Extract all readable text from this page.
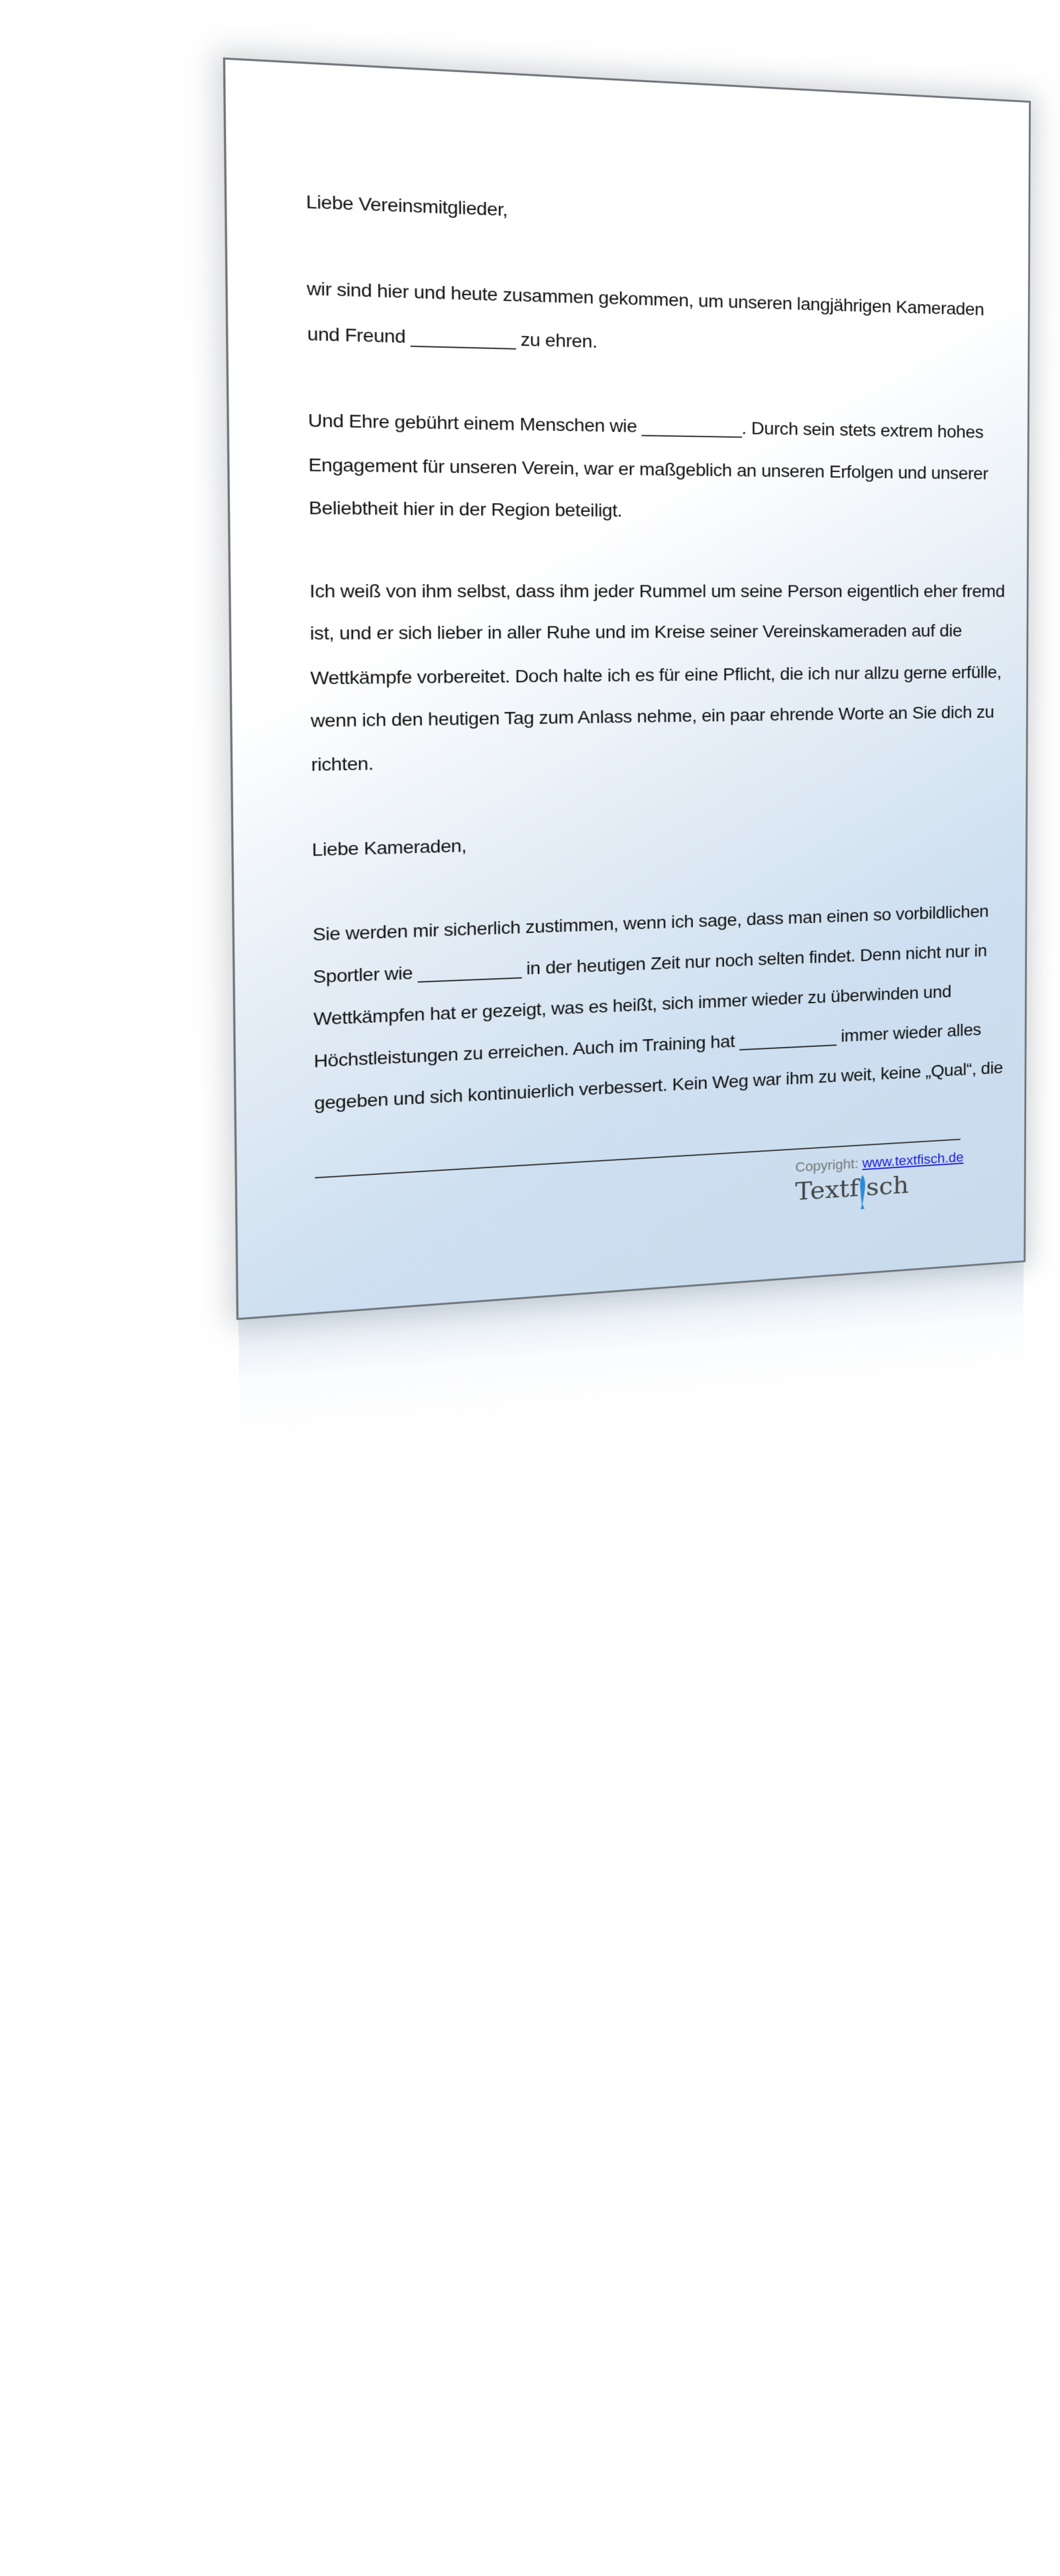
Liebe Vereinsmitglieder,
wir sind hier und heute zusammen gekommen, um unseren langjährigen Kameraden
und Freund __________ zu ehren.
Und Ehre gebührt einem Menschen wie __________. Durch sein stets extrem hohes
Engagement für unseren Verein, war er maßgeblich an unseren Erfolgen und unserer
Beliebtheit hier in der Region beteiligt.
Ich weiß von ihm selbst, dass ihm jeder Rummel um seine Person eigentlich eher fremd
ist, und er sich lieber in aller Ruhe und im Kreise seiner Vereinskameraden auf die
Wettkämpfe vorbereitet. Doch halte ich es für eine Pflicht, die ich nur allzu gerne erfülle,
wenn ich den heutigen Tag zum Anlass nehme, ein paar ehrende Worte an Sie dich zu
richten.
Liebe Kameraden,
Sie werden mir sicherlich zustimmen, wenn ich sage, dass man einen so vorbildlichen
Sportler wie __________ in der heutigen Zeit nur noch selten findet. Denn nicht nur in
Wettkämpfen hat er gezeigt, was es heißt, sich immer wieder zu überwinden und
Höchstleistungen zu erreichen. Auch im Training hat __________ immer wieder alles
gegeben und sich kontinuierlich verbessert. Kein Weg war ihm zu weit, keine „Qual“, die
Copyright: www.textfisch.de
Textf sch
